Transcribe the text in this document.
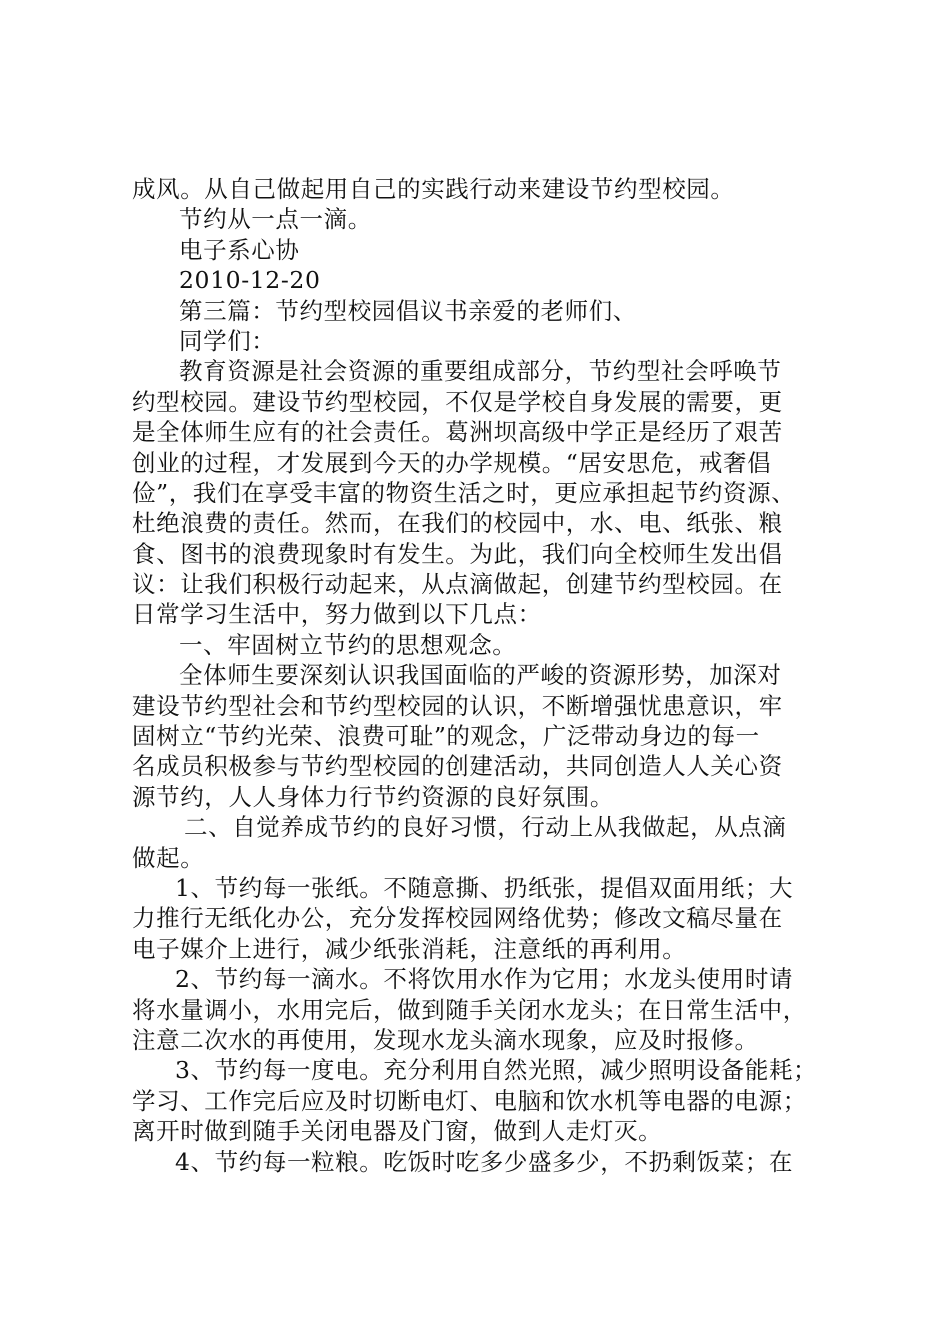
成风。从自己做起用自己的实践行动来建设节约型校园。
节约从一点一滴。
电子系心协
2010-12-20
第三篇：节约型校园倡议书亲爱的老师们、
同学们：
教育资源是社会资源的重要组成部分，节约型社会呼唤节
约型校园。建设节约型校园，不仅是学校自身发展的需要，更
是全体师生应有的社会责任。葛洲坝高级中学正是经历了艰苦
创业的过程，才发展到今天的办学规模。“居安思危，戒奢倡
俭”，我们在享受丰富的物资生活之时，更应承担起节约资源、
杜绝浪费的责任。然而，在我们的校园中，水、电、纸张、粮
食、图书的浪费现象时有发生。为此，我们向全校师生发出倡
议：让我们积极行动起来，从点滴做起，创建节约型校园。在
日常学习生活中，努力做到以下几点：
一、牢固树立节约的思想观念。
全体师生要深刻认识我国面临的严峻的资源形势，加深对
建设节约型社会和节约型校园的认识，不断增强忧患意识，牢
固树立“节约光荣、浪费可耻”的观念，广泛带动身边的每一
名成员积极参与节约型校园的创建活动，共同创造人人关心资
源节约，人人身体力行节约资源的良好氛围。
二、自觉养成节约的良好习惯，行动上从我做起，从点滴
做起。
1、节约每一张纸。不随意撕、扔纸张，提倡双面用纸；大
力推行无纸化办公，充分发挥校园网络优势；修改文稿尽量在
电子媒介上进行，减少纸张消耗，注意纸的再利用。
2、节约每一滴水。不将饮用水作为它用；水龙头使用时请
将水量调小，水用完后，做到随手关闭水龙头；在日常生活中，
注意二次水的再使用，发现水龙头滴水现象，应及时报修。
3、节约每一度电。充分利用自然光照，减少照明设备能耗；
学习、工作完后应及时切断电灯、电脑和饮水机等电器的电源；
离开时做到随手关闭电器及门窗，做到人走灯灭。
4、节约每一粒粮。吃饭时吃多少盛多少，不扔剩饭菜；在
